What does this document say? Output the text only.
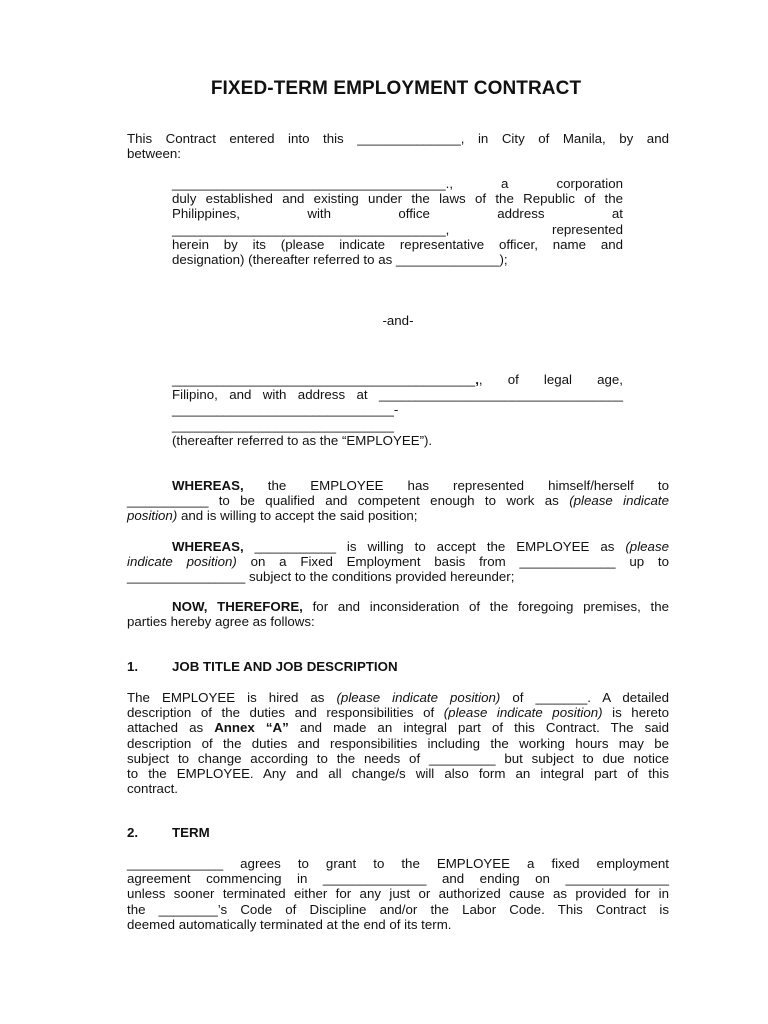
FIXED-TERM EMPLOYMENT CONTRACT
This Contract entered into this ______________, in City of Manila, by and
between:
_____________________________________., a corporation
duly established and existing under the laws of the Republic of the
Philippines, with office address at
_____________________________________, represented
herein by its (please indicate representative officer, name and
designation) (thereafter referred to as ______________);
-and-
_________________________________________,, of legal age,
Filipino, and with address at _________________________________
______________________________-
______________________________
(thereafter referred to as the “EMPLOYEE”).
WHEREAS, the EMPLOYEE has represented himself/herself to
___________ to be qualified and competent enough to work as (please indicate
position) and is willing to accept the said position;
WHEREAS, ___________ is willing to accept the EMPLOYEE as (please
indicate position) on a Fixed Employment basis from _____________ up to
________________ subject to the conditions provided hereunder;
NOW, THEREFORE, for and inconsideration of the foregoing premises, the
parties hereby agree as follows:
1.	JOB TITLE AND JOB DESCRIPTION
The EMPLOYEE is hired as (please indicate position) of _______. A detailed
description of the duties and responsibilities of (please indicate position) is hereto
attached as Annex “A” and made an integral part of this Contract. The said
description of the duties and responsibilities including the working hours may be
subject to change according to the needs of _________ but subject to due notice
to the EMPLOYEE. Any and all change/s will also form an integral part of this
contract.
2.	TERM
_____________ agrees to grant to the EMPLOYEE a fixed employment
agreement commencing in ______________ and ending on ______________
unless sooner terminated either for any just or authorized cause as provided for in
the ________’s Code of Discipline and/or the Labor Code. This Contract is
deemed automatically terminated at the end of its term.
